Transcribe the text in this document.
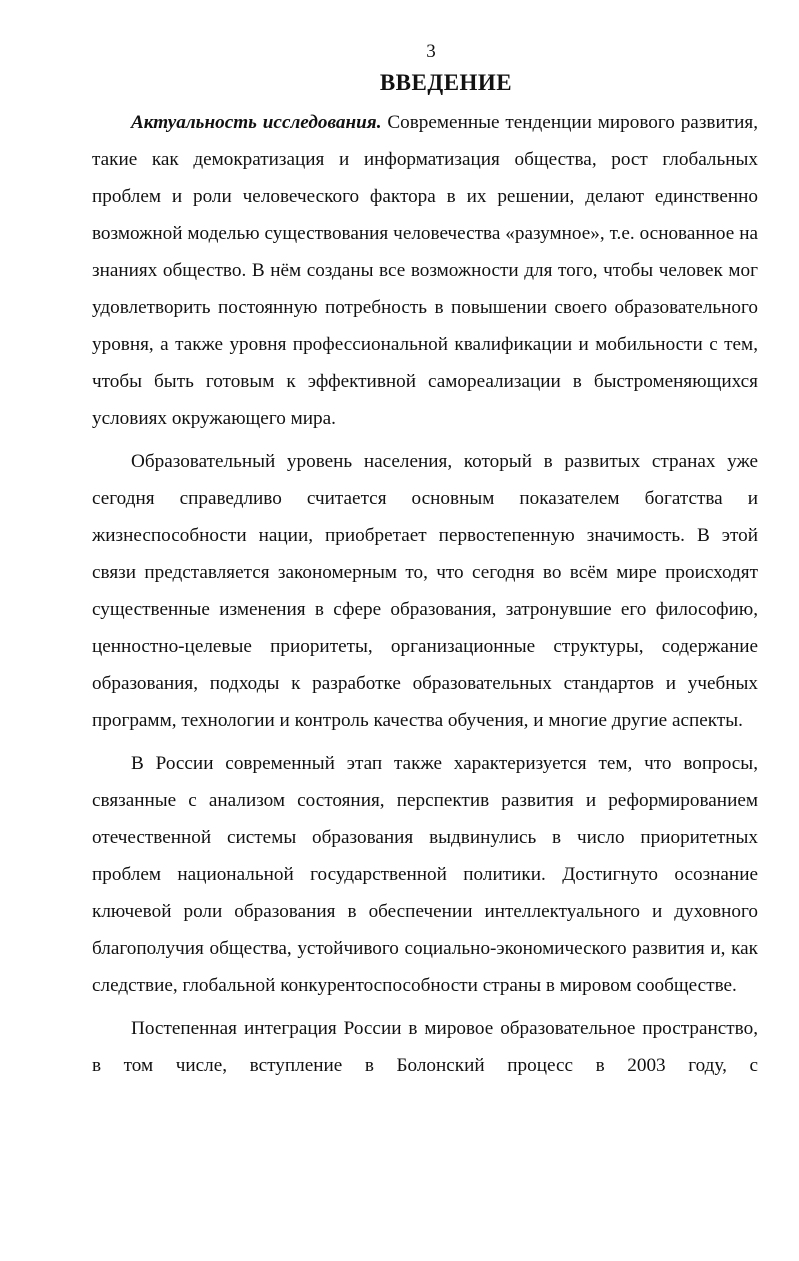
3

ВВЕДЕНИЕ

Актуальность исследования. Современные тенденции мирового развития, такие как демократизация и информатизация общества, рост глобальных проблем и роли человеческого фактора в их решении, делают единственно возможной моделью существования человечества «разумное», т.е. основанное на знаниях общество. В нём созданы все возможности для того, чтобы человек мог удовлетворить постоянную потребность в повышении своего образовательного уровня, а также уровня профессиональной квалификации и мобильности с тем, чтобы быть готовым к эффективной самореализации в быстроменяющихся условиях окружающего мира.

Образовательный уровень населения, который в развитых странах уже сегодня справедливо считается основным показателем богатства и жизнеспособности нации, приобретает первостепенную значимость. В этой связи представляется закономерным то, что сегодня во всём мире происходят существенные изменения в сфере образования, затронувшие его философию, ценностно-целевые приоритеты, организационные структуры, содержание образования, подходы к разработке образовательных стандартов и учебных программ, технологии и контроль качества обучения, и многие другие аспекты.

В России современный этап также характеризуется тем, что вопросы, связанные с анализом состояния, перспектив развития и реформированием отечественной системы образования выдвинулись в число приоритетных проблем национальной государственной политики. Достигнуто осознание ключевой роли образования в обеспечении интеллектуального и духовного благополучия общества, устойчивого социально-экономического развития и, как следствие, глобальной конкурентоспособности страны в мировом сообществе.

Постепенная интеграция России в мировое образовательное пространство, в том числе, вступление в Болонский процесс в 2003 году, с
